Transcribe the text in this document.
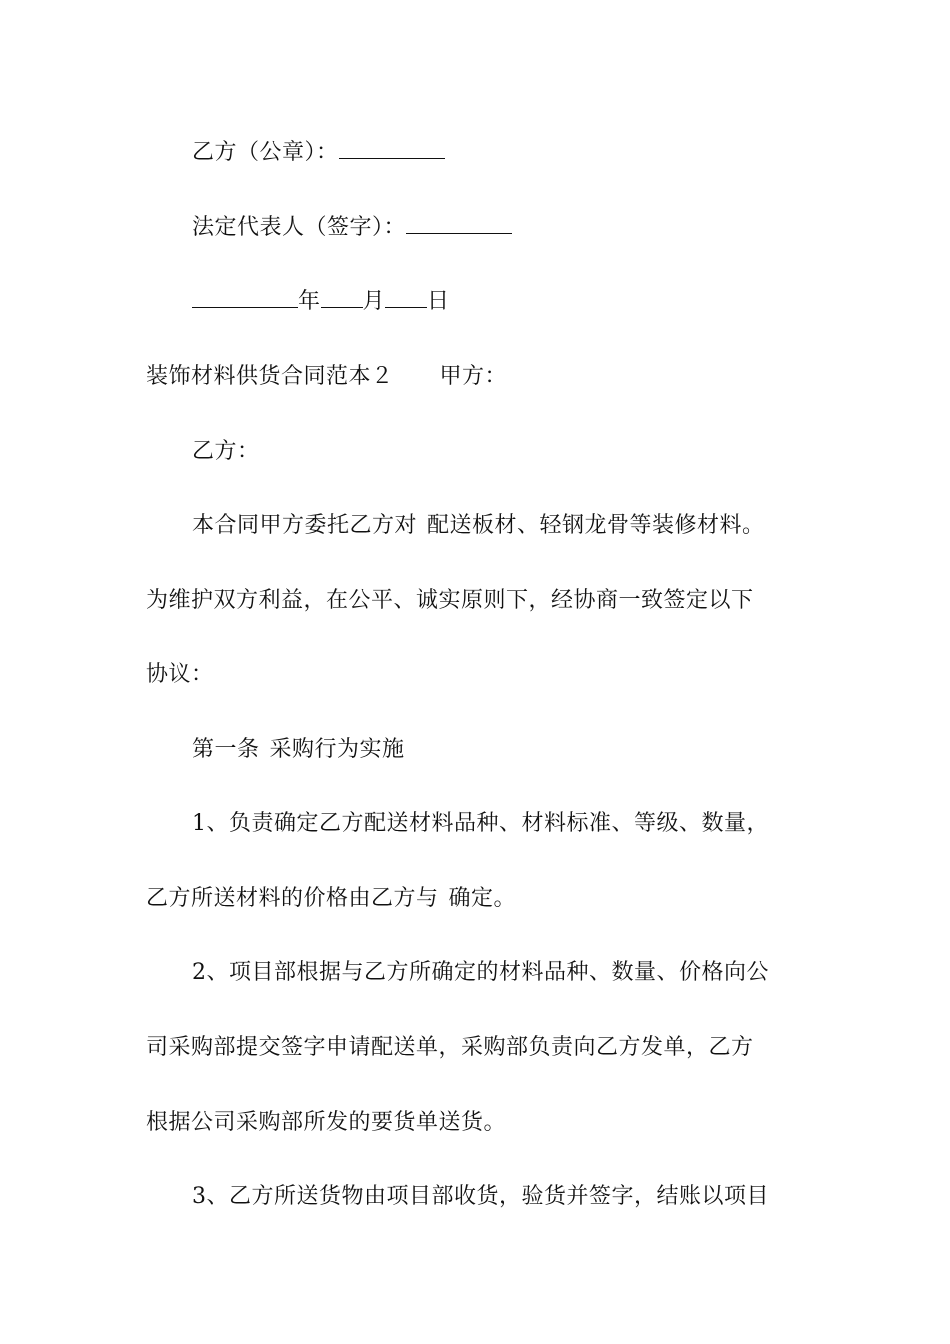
乙方（公章）：
法定代表人（签字）：
年 月 日
装饰材料供货合同范本２ 甲方：
乙方：
本合同甲方委托乙方对 配送板材、轻钢龙骨等装修材料。
为维护双方利益，在公平、诚实原则下，经协商一致签定以下
协议：
第一条 采购行为实施
1、负责确定乙方配送材料品种、材料标准、等级、数量，
乙方所送材料的价格由乙方与 确定。
2、项目部根据与乙方所确定的材料品种、数量、价格向公
司采购部提交签字申请配送单，采购部负责向乙方发单，乙方
根据公司采购部所发的要货单送货。
3、乙方所送货物由项目部收货，验货并签字，结账以项目
